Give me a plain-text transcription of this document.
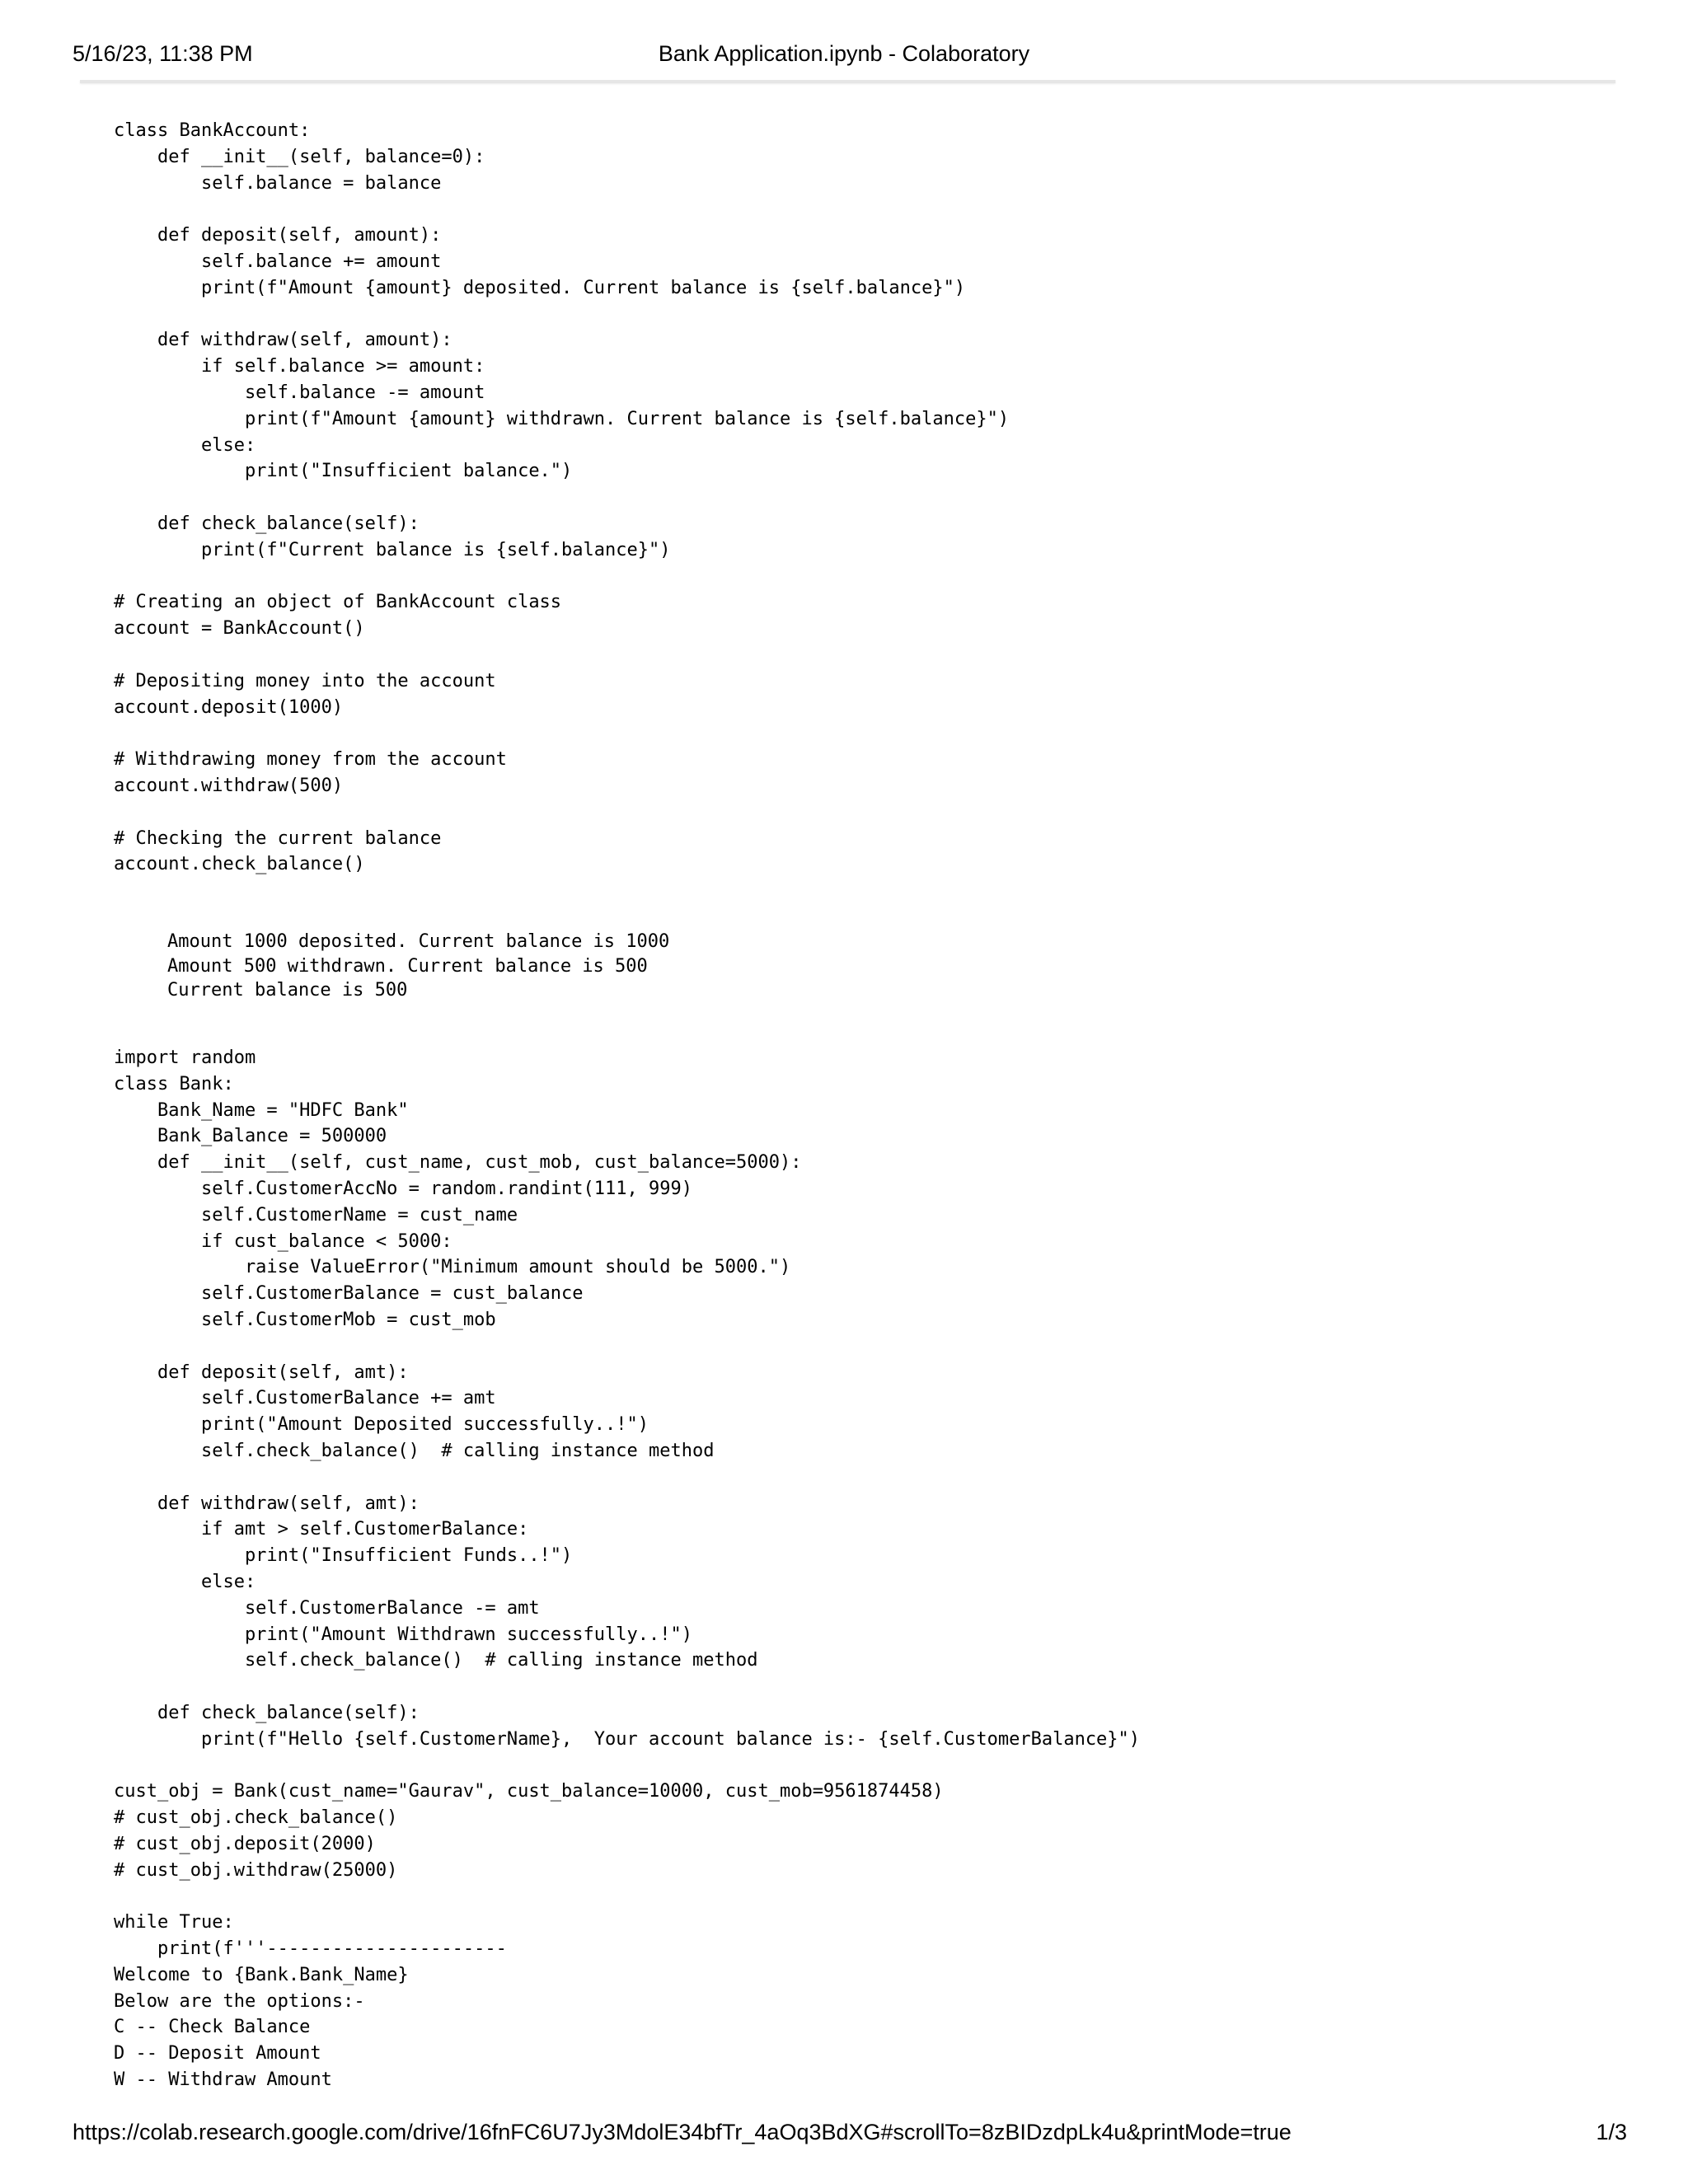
5/16/23, 11:38 PM	Bank Application.ipynb - Colaboratory
class BankAccount:
def __init__(self, balance=0):
self.balance = balance

def deposit(self, amount):
self.balance += amount
print(f"Amount {amount} deposited. Current balance is {self.balance}")

def withdraw(self, amount):
if self.balance >= amount:
self.balance -= amount
print(f"Amount {amount} withdrawn. Current balance is {self.balance}")
else:
print("Insufficient balance.")

def check_balance(self):
print(f"Current balance is {self.balance}")

# Creating an object of BankAccount class
account = BankAccount()

# Depositing money into the account
account.deposit(1000)

# Withdrawing money from the account
account.withdraw(500)

# Checking the current balance
account.check_balance()
Amount 1000 deposited. Current balance is 1000
Amount 500 withdrawn. Current balance is 500
Current balance is 500
import random
class Bank:
Bank_Name = "HDFC Bank"
Bank_Balance = 500000
def __init__(self, cust_name, cust_mob, cust_balance=5000):
self.CustomerAccNo = random.randint(111, 999)
self.CustomerName = cust_name
if cust_balance < 5000:
raise ValueError("Minimum amount should be 5000.")
self.CustomerBalance = cust_balance
self.CustomerMob = cust_mob

def deposit(self, amt):
self.CustomerBalance += amt
print("Amount Deposited successfully..!")
self.check_balance()  # calling instance method

def withdraw(self, amt):
if amt > self.CustomerBalance:
print("Insufficient Funds..!")
else:
self.CustomerBalance -= amt
print("Amount Withdrawn successfully..!")
self.check_balance()  # calling instance method

def check_balance(self):
print(f"Hello {self.CustomerName},  Your account balance is:- {self.CustomerBalance}")

cust_obj = Bank(cust_name="Gaurav", cust_balance=10000, cust_mob=9561874458)
# cust_obj.check_balance()
# cust_obj.deposit(2000)
# cust_obj.withdraw(25000)

while True:
print(f'''----------------------
Welcome to {Bank.Bank_Name}
Below are the options:-
C -- Check Balance
D -- Deposit Amount
W -- Withdraw Amount
https://colab.research.google.com/drive/16fnFC6U7Jy3MdolE34bfTr_4aOq3BdXG#scrollTo=8zBIDzdpLk4u&printMode=true	1/3
